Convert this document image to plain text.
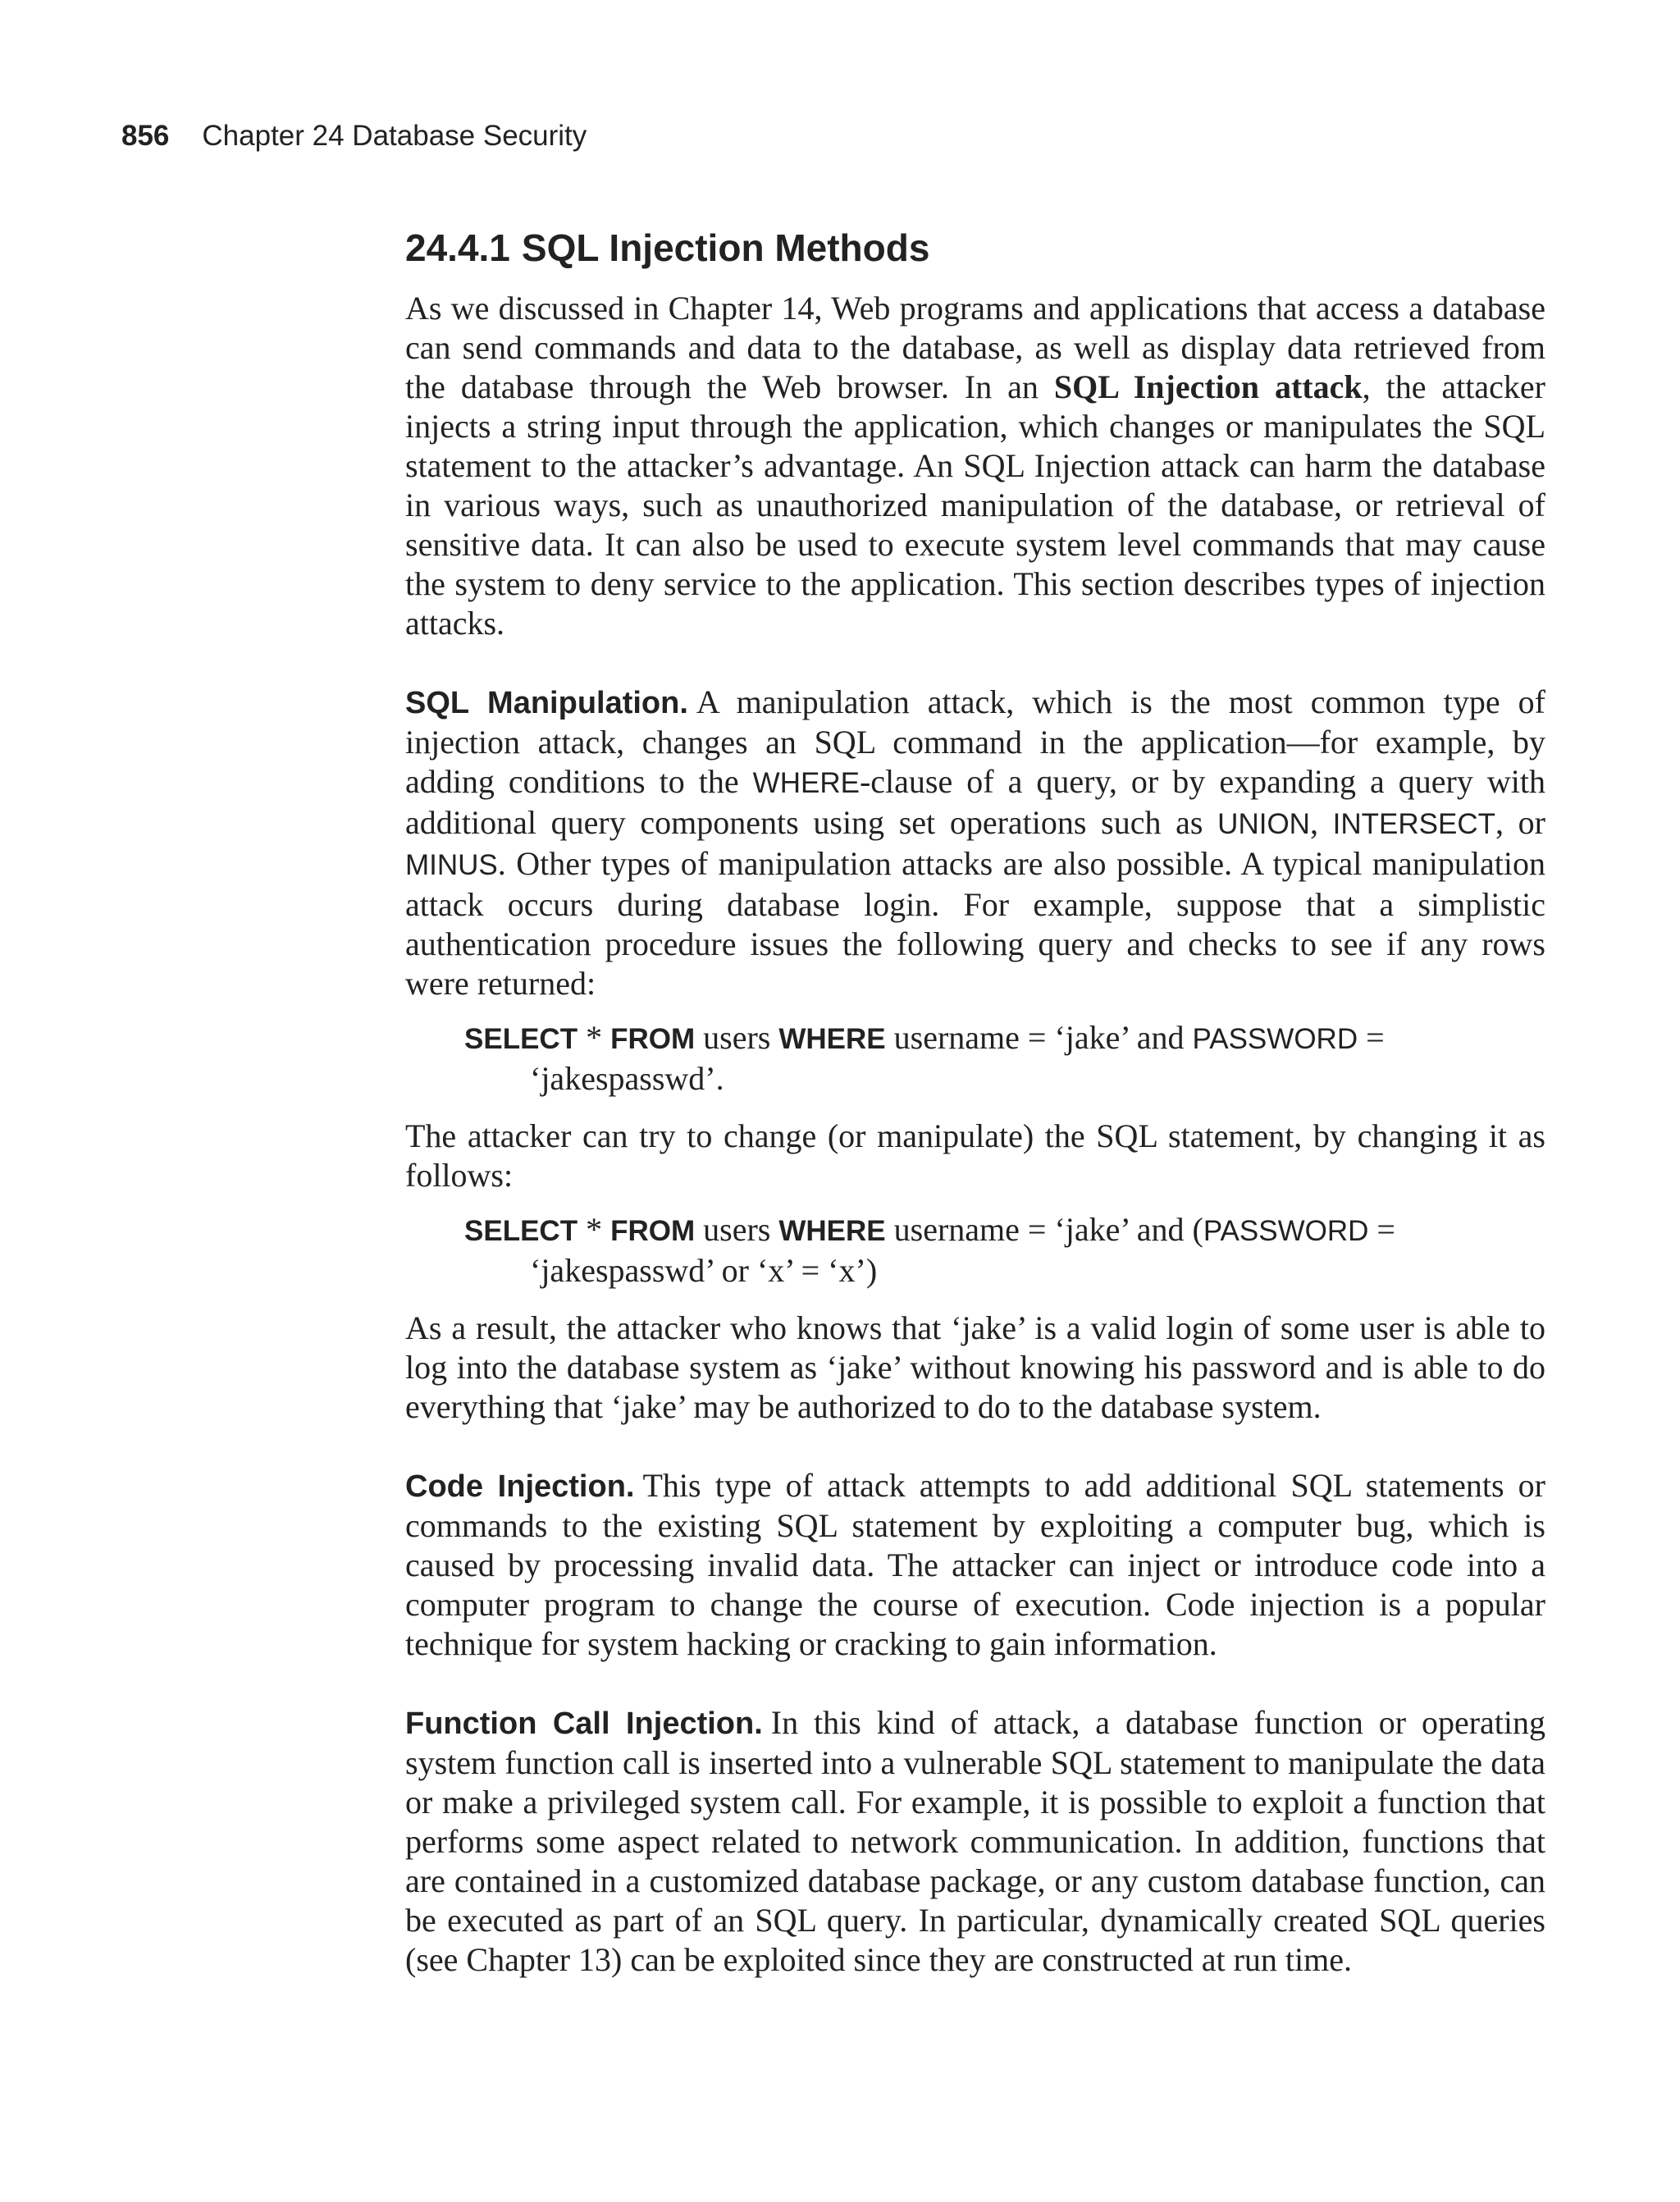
856 Chapter 24 Database Security
24.4.1 SQL Injection Methods

As we discussed in Chapter 14, Web programs and applications that access a database can send commands and data to the database, as well as display data retrieved from the database through the Web browser. In an SQL Injection attack, the attacker injects a string input through the application, which changes or manipulates the SQL statement to the attacker’s advantage. An SQL Injection attack can harm the database in various ways, such as unauthorized manipulation of the database, or retrieval of sensitive data. It can also be used to execute system level commands that may cause the system to deny service to the application. This section describes types of injection attacks.

SQL Manipulation. A manipulation attack, which is the most common type of injection attack, changes an SQL command in the application—for example, by adding conditions to the WHERE-clause of a query, or by expanding a query with additional query components using set operations such as UNION, INTERSECT, or MINUS. Other types of manipulation attacks are also possible. A typical manipulation attack occurs during database login. For example, suppose that a simplistic authentication procedure issues the following query and checks to see if any rows were returned:

SELECT * FROM users WHERE username = ‘jake’ and PASSWORD = ‘jakespasswd’.

The attacker can try to change (or manipulate) the SQL statement, by changing it as follows:

SELECT * FROM users WHERE username = ‘jake’ and (PASSWORD = ‘jakespasswd’ or ‘x’ = ‘x’)

As a result, the attacker who knows that ‘jake’ is a valid login of some user is able to log into the database system as ‘jake’ without knowing his password and is able to do everything that ‘jake’ may be authorized to do to the database system.

Code Injection. This type of attack attempts to add additional SQL statements or commands to the existing SQL statement by exploiting a computer bug, which is caused by processing invalid data. The attacker can inject or introduce code into a computer program to change the course of execution. Code injection is a popular technique for system hacking or cracking to gain information.

Function Call Injection. In this kind of attack, a database function or operating system function call is inserted into a vulnerable SQL statement to manipulate the data or make a privileged system call. For example, it is possible to exploit a function that performs some aspect related to network communication. In addition, functions that are contained in a customized database package, or any custom database function, can be executed as part of an SQL query. In particular, dynamically created SQL queries (see Chapter 13) can be exploited since they are constructed at run time.
